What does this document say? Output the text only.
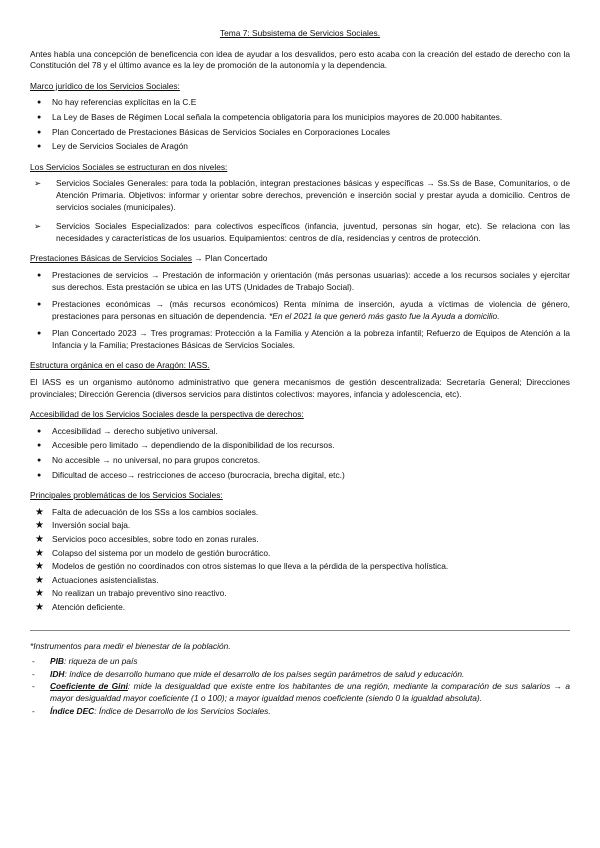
Tema 7: Subsistema de Servicios Sociales.

Antes había una concepción de beneficencia con idea de ayudar a los desvalidos, pero esto acaba con la creación del estado de derecho con la Constitución del 78 y el último avance es la ley de promoción de la autonomía y la dependencia.

Marco jurídico de los Servicios Sociales:
● No hay referencias explícitas en la C.E
● La Ley de Bases de Régimen Local señala la competencia obligatoria para los municipios mayores de 20.000 habitantes.
● Plan Concertado de Prestaciones Básicas de Servicios Sociales en Corporaciones Locales
● Ley de Servicios Sociales de Aragón
Los Servicios Sociales se estructuran en dos niveles:
➢ Servicios Sociales Generales: para toda la población, integran prestaciones básicas y específicas → Ss.Ss de Base, Comunitarios, o de Atención Primaria. Objetivos: informar y orientar sobre derechos, prevención e inserción social y prestar ayuda a domicilio. Centros de servicios sociales (municipales).
➢ Servicios Sociales Especializados: para colectivos específicos (infancia, juventud, personas sin hogar, etc). Se relaciona con las necesidades y características de los usuarios. Equipamientos: centros de día, residencias y centros de protección.
Prestaciones Básicas de Servicios Sociales → Plan Concertado
● Prestaciones de servicios → Prestación de información y orientación (más personas usuarias): accede a los recursos sociales y ejercitar sus derechos. Esta prestación se ubica en las UTS (Unidades de Trabajo Social).
● Prestaciones económicas → (más recursos económicos) Renta mínima de inserción, ayuda a víctimas de violencia de género, prestaciones para personas en situación de dependencia. *En el 2021 la que generó más gasto fue la Ayuda a domicilio.
● Plan Concertado 2023 → Tres programas: Protección a la Familia y Atención a la pobreza infantil; Refuerzo de Equipos de Atención a la Infancia y la Familia; Prestaciones Básicas de Servicios Sociales.
Estructura orgánica en el caso de Aragón: IASS.

El IASS es un organismo autónomo administrativo que genera mecanismos de gestión descentralizada: Secretaría General; Direcciones provinciales; Dirección Gerencia (diversos servicios para distintos colectivos: mayores, infancia y adolescencia, etc).

Accesibilidad de los Servicios Sociales desde la perspectiva de derechos:
● Accesibilidad → derecho subjetivo universal.
● Accesible pero limitado → dependiendo de la disponibilidad de los recursos.
● No accesible → no universal, no para grupos concretos.
● Dificultad de acceso→ restricciones de acceso (burocracia, brecha digital, etc.)
Principales problemáticas de los Servicios Sociales:
★ Falta de adecuación de los SSs a los cambios sociales.
★ Inversión social baja.
★ Servicios poco accesibles, sobre todo en zonas rurales.
★ Colapso del sistema por un modelo de gestión burocrático.
★ Modelos de gestión no coordinados con otros sistemas lo que lleva a la pérdida de la perspectiva holística.
★ Actuaciones asistencialistas.
★ No realizan un trabajo preventivo sino reactivo.
★ Atención deficiente.
*Instrumentos para medir el bienestar de la población.
- PIB: riqueza de un país
- IDH: índice de desarrollo humano que mide el desarrollo de los países según parámetros de salud y educación.
- Coeficiente de Gini: mide la desigualdad que existe entre los habitantes de una región, mediante la comparación de sus salarios → a mayor desigualdad mayor coeficiente (1 o 100); a mayor igualdad menos coeficiente (siendo 0 la igualdad absoluta).
- Índice DEC: Índice de Desarrollo de los Servicios Sociales.
